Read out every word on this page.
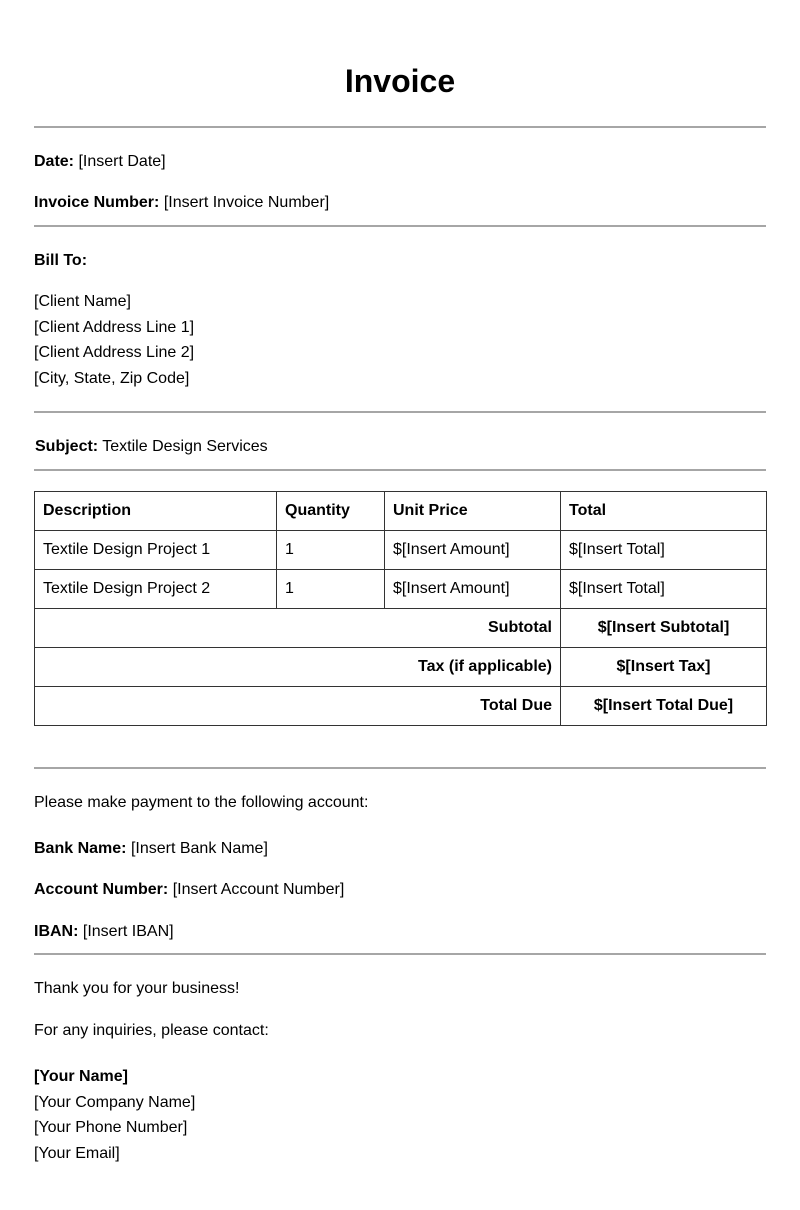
Invoice
Date: [Insert Date]
Invoice Number: [Insert Invoice Number]
Bill To:
[Client Name]
[Client Address Line 1]
[Client Address Line 2]
[City, State, Zip Code]
Subject: Textile Design Services
Description	Quantity	Unit Price	Total
Textile Design Project 1	1	$[Insert Amount]	$[Insert Total]
Textile Design Project 2	1	$[Insert Amount]	$[Insert Total]
Subtotal			$[Insert Subtotal]
Tax (if applicable)			$[Insert Tax]
Total Due			$[Insert Total Due]
Please make payment to the following account:
Bank Name: [Insert Bank Name]
Account Number: [Insert Account Number]
IBAN: [Insert IBAN]
Thank you for your business!
For any inquiries, please contact:
[Your Name]
[Your Company Name]
[Your Phone Number]
[Your Email]
